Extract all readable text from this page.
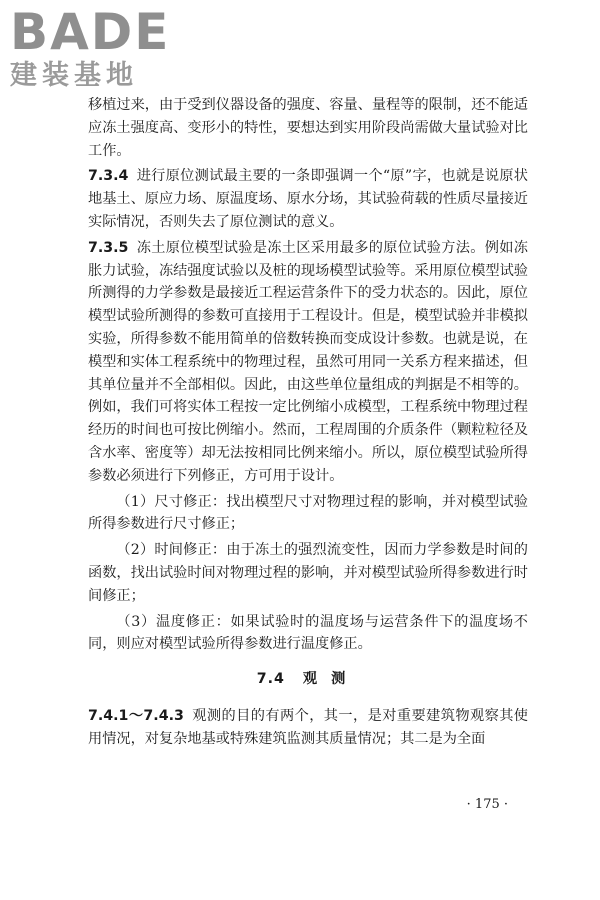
BADE
建装基地

移植过来，由于受到仪器设备的强度、容量、量程等的限制，还不能适应冻土强度高、变形小的特性，要想达到实用阶段尚需做大量试验对比工作。

7.3.4 进行原位测试最主要的一条即强调一个“原”字，也就是说原状地基土、原应力场、原温度场、原水分场，其试验荷载的性质尽量接近实际情况，否则失去了原位测试的意义。

7.3.5 冻土原位模型试验是冻土区采用最多的原位试验方法。例如冻胀力试验，冻结强度试验以及桩的现场模型试验等。采用原位模型试验所测得的力学参数是最接近工程运营条件下的受力状态的。因此，原位模型试验所测得的参数可直接用于工程设计。但是，模型试验并非模拟实验，所得参数不能用简单的倍数转换而变成设计参数。也就是说，在模型和实体工程系统中的物理过程，虽然可用同一关系方程来描述，但其单位量并不全部相似。因此，由这些单位量组成的判据是不相等的。例如，我们可将实体工程按一定比例缩小成模型，工程系统中物理过程经历的时间也可按比例缩小。然而，工程周围的介质条件（颗粒粒径及含水率、密度等）却无法按相同比例来缩小。所以，原位模型试验所得参数必须进行下列修正，方可用于设计。

（1）尺寸修正：找出模型尺寸对物理过程的影响，并对模型试验所得参数进行尺寸修正；

（2）时间修正：由于冻土的强烈流变性，因而力学参数是时间的函数，找出试验时间对物理过程的影响，并对模型试验所得参数进行时间修正；

（3）温度修正：如果试验时的温度场与运营条件下的温度场不同，则应对模型试验所得参数进行温度修正。

7.4 观测

7.4.1～7.4.3 观测的目的有两个，其一，是对重要建筑物观察其使用情况，对复杂地基或特殊建筑监测其质量情况；其二是为全面

· 175 ·
